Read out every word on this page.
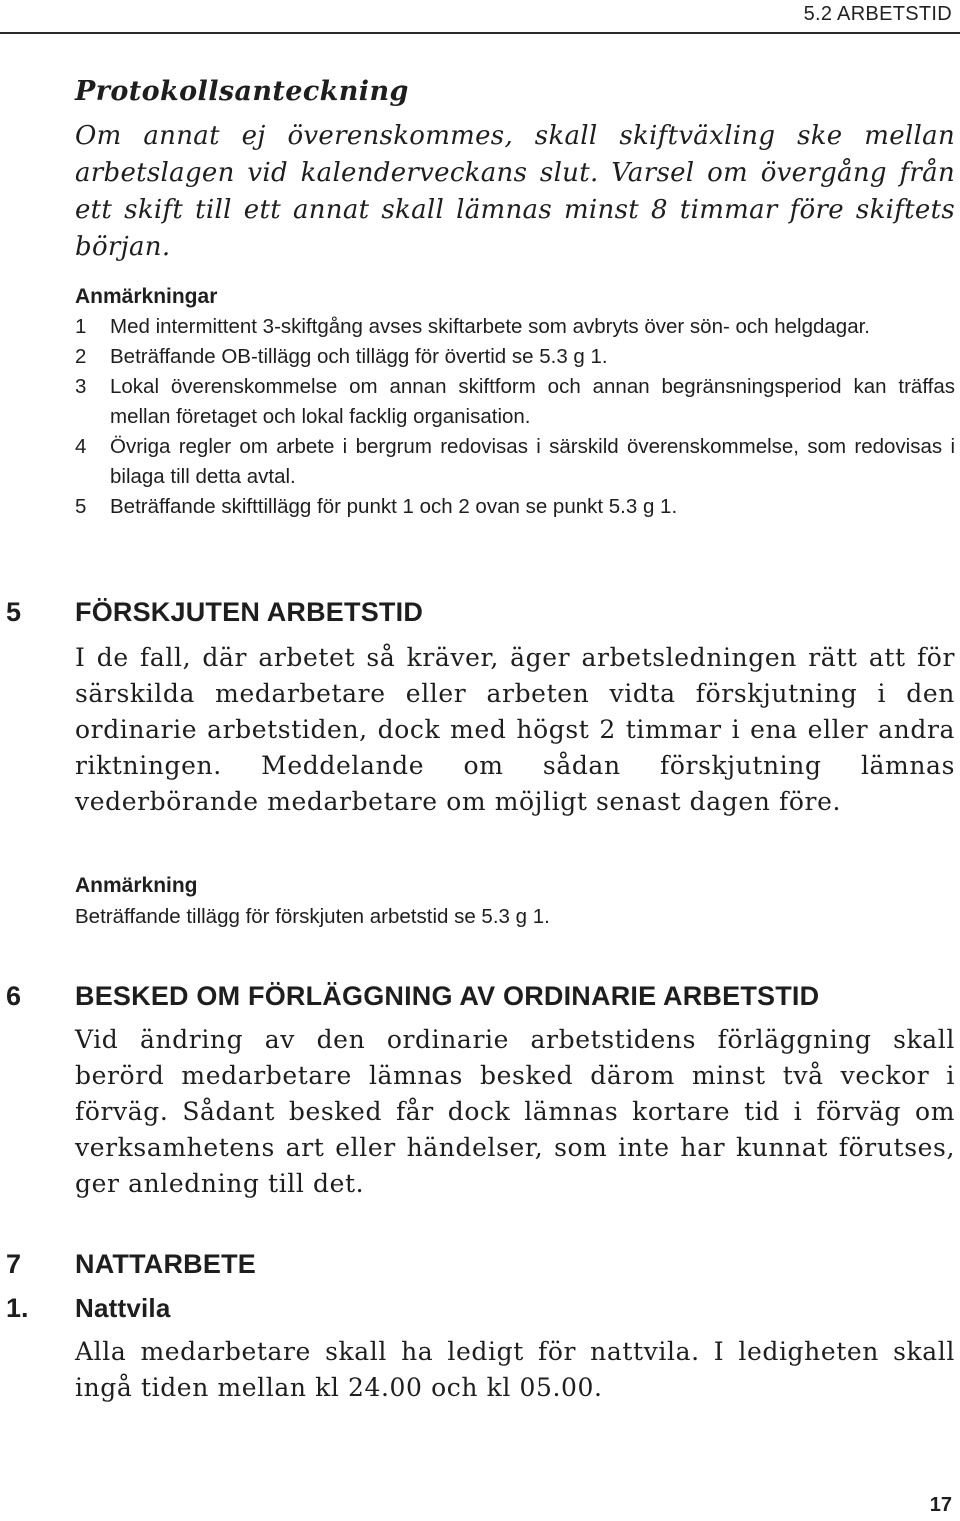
5.2 ARBETSTID
Protokollsanteckning
Om annat ej överenskommes, skall skiftväxling ske mellan arbetslagen vid kalenderveckans slut. Varsel om övergång från ett skift till ett annat skall lämnas minst 8 timmar före skiftets början.
Anmärkningar
1 Med intermittent 3-skiftgång avses skiftarbete som avbryts över sön- och helgdagar.
2 Beträffande OB-tillägg och tillägg för övertid se 5.3 g 1.
3 Lokal överenskommelse om annan skiftform och annan begränsningsperiod kan träffas mellan företaget och lokal facklig organisation.
4 Övriga regler om arbete i bergrum redovisas i särskild överenskommelse, som redovisas i bilaga till detta avtal.
5 Beträffande skifttillägg för punkt 1 och 2 ovan se punkt 5.3 g 1.
5 FÖRSKJUTEN ARBETSTID
I de fall, där arbetet så kräver, äger arbetsledningen rätt att för särskilda medarbetare eller arbeten vidta förskjutning i den ordinarie arbetstiden, dock med högst 2 timmar i ena eller andra riktningen. Meddelande om sådan förskjutning lämnas vederbörande medarbetare om möjligt senast dagen före.
Anmärkning
Beträffande tillägg för förskjuten arbetstid se 5.3 g 1.
6 BESKED OM FÖRLÄGGNING AV ORDINARIE ARBETSTID
Vid ändring av den ordinarie arbetstidens förläggning skall berörd medarbetare lämnas besked därom minst två veckor i förväg. Sådant besked får dock lämnas kortare tid i förväg om verksamhetens art eller händelser, som inte har kunnat förutses, ger anledning till det.
7 NATTARBETE
1. Nattvila
Alla medarbetare skall ha ledigt för nattvila. I ledigheten skall ingå tiden mellan kl 24.00 och kl 05.00.
17
